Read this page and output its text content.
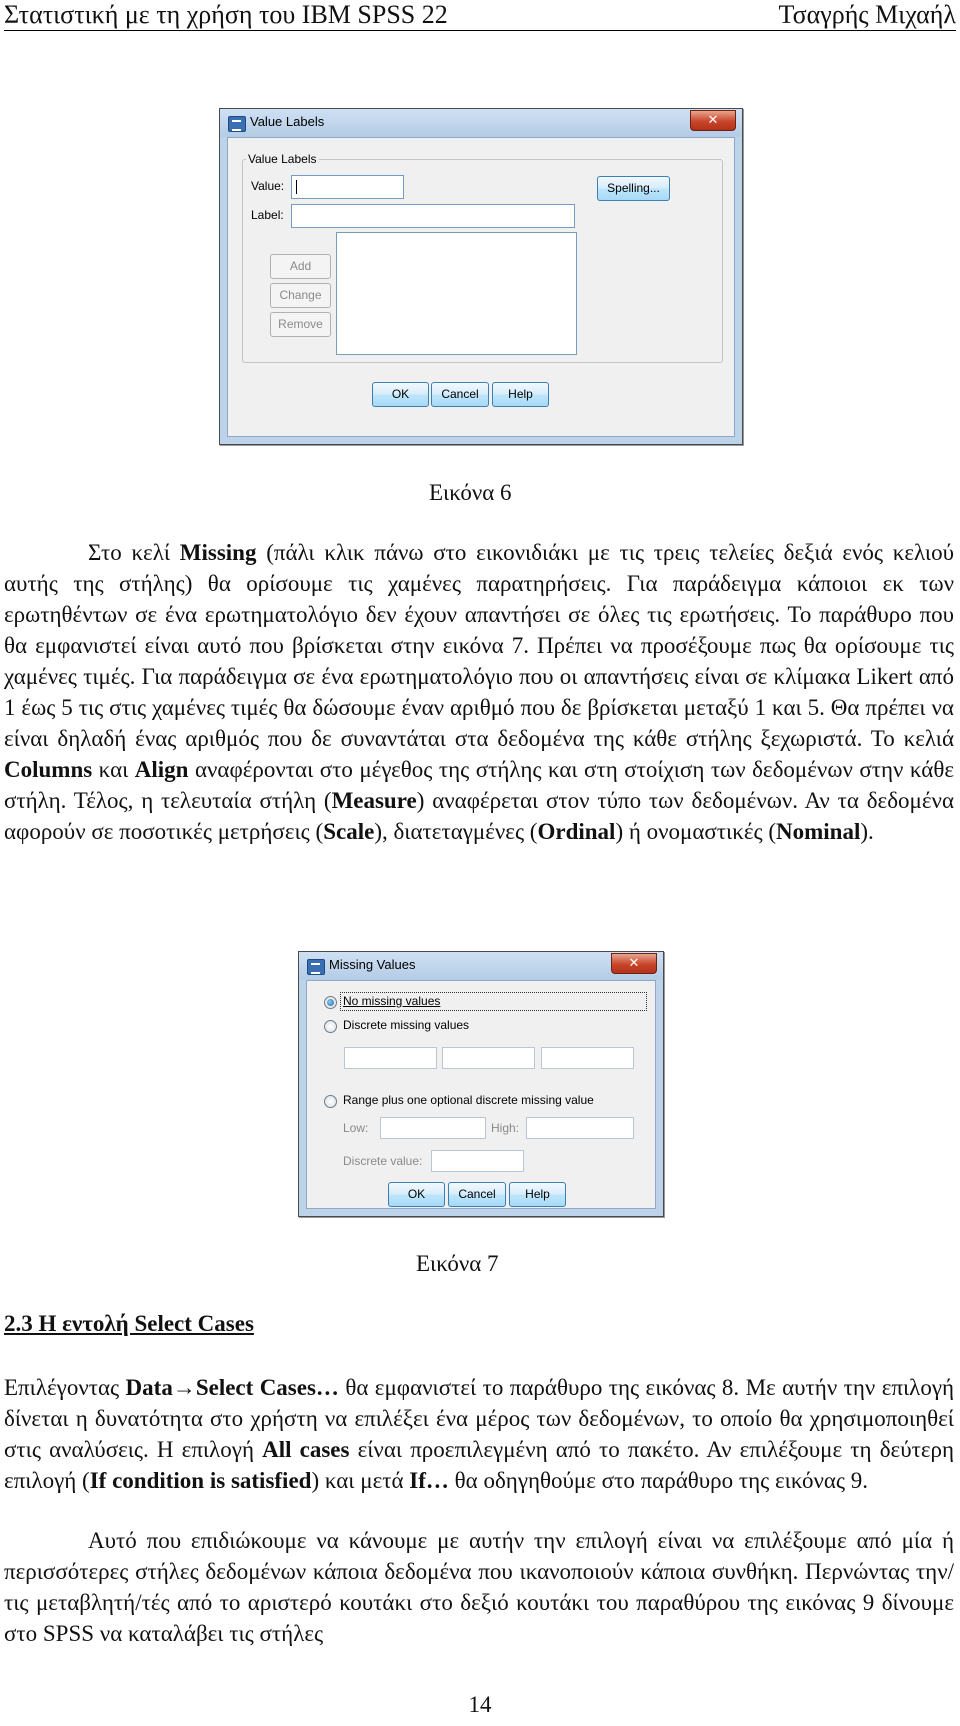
Στατιστική με τη χρήση του IBM SPSS 22	Τσαγρής Μιχαήλ
Value Labels	✕
Value Labels
Value:
Label:
Spelling...
Add
Change
Remove
OK	Cancel	Help
Εικόνα 6
Στο κελί Missing (πάλι κλικ πάνω στο εικονιδιάκι με τις τρεις τελείες δεξιά ενός κελιού αυτής της στήλης) θα ορίσουμε τις χαμένες παρατηρήσεις. Για παράδειγμα κάποιοι εκ των ερωτηθέντων σε ένα ερωτηματολόγιο δεν έχουν απαντήσει σε όλες τις ερωτήσεις. Το παράθυρο που θα εμφανιστεί είναι αυτό που βρίσκεται στην εικόνα 7. Πρέπει να προσέξουμε πως θα ορίσουμε τις χαμένες τιμές. Για παράδειγμα σε ένα ερωτηματολόγιο που οι απαντήσεις είναι σε κλίμακα Likert από 1 έως 5 τις στις χαμένες τιμές θα δώσουμε έναν αριθμό που δε βρίσκεται μεταξύ 1 και 5. Θα πρέπει να είναι δηλαδή ένας αριθμός που δε συναντάται στα δεδομένα της κάθε στήλης ξεχωριστά. Το κελιά Columns και Align αναφέρονται στο μέγεθος της στήλης και στη στοίχιση των δεδομένων στην κάθε στήλη. Τέλος, η τελευταία στήλη (Measure) αναφέρεται στον τύπο των δεδομένων. Αν τα δεδομένα αφορούν σε ποσοτικές μετρήσεις (Scale), διατεταγμένες (Ordinal) ή ονομαστικές (Nominal).
Missing Values	✕
No missing values
Discrete missing values
Range plus one optional discrete missing value
Low:	High:
Discrete value:
OK	Cancel	Help
Εικόνα 7
2.3 Η εντολή Select Cases
Επιλέγοντας Data→Select Cases… θα εμφανιστεί το παράθυρο της εικόνας 8. Με αυτήν την επιλογή δίνεται η δυνατότητα στο χρήστη να επιλέξει ένα μέρος των δεδομένων, το οποίο θα χρησιμοποιηθεί στις αναλύσεις. Η επιλογή All cases είναι προεπιλεγμένη από το πακέτο. Αν επιλέξουμε τη δεύτερη επιλογή (If condition is satisfied) και μετά If… θα οδηγηθούμε στο παράθυρο της εικόνας 9.
Αυτό που επιδιώκουμε να κάνουμε με αυτήν την επιλογή είναι να επιλέξουμε από μία ή περισσότερες στήλες δεδομένων κάποια δεδομένα που ικανοποιούν κάποια συνθήκη. Περνώντας την/τις μεταβλητή/τές από το αριστερό κουτάκι στο δεξιό κουτάκι του παραθύρου της εικόνας 9 δίνουμε στο SPSS να καταλάβει τις στήλες
14
